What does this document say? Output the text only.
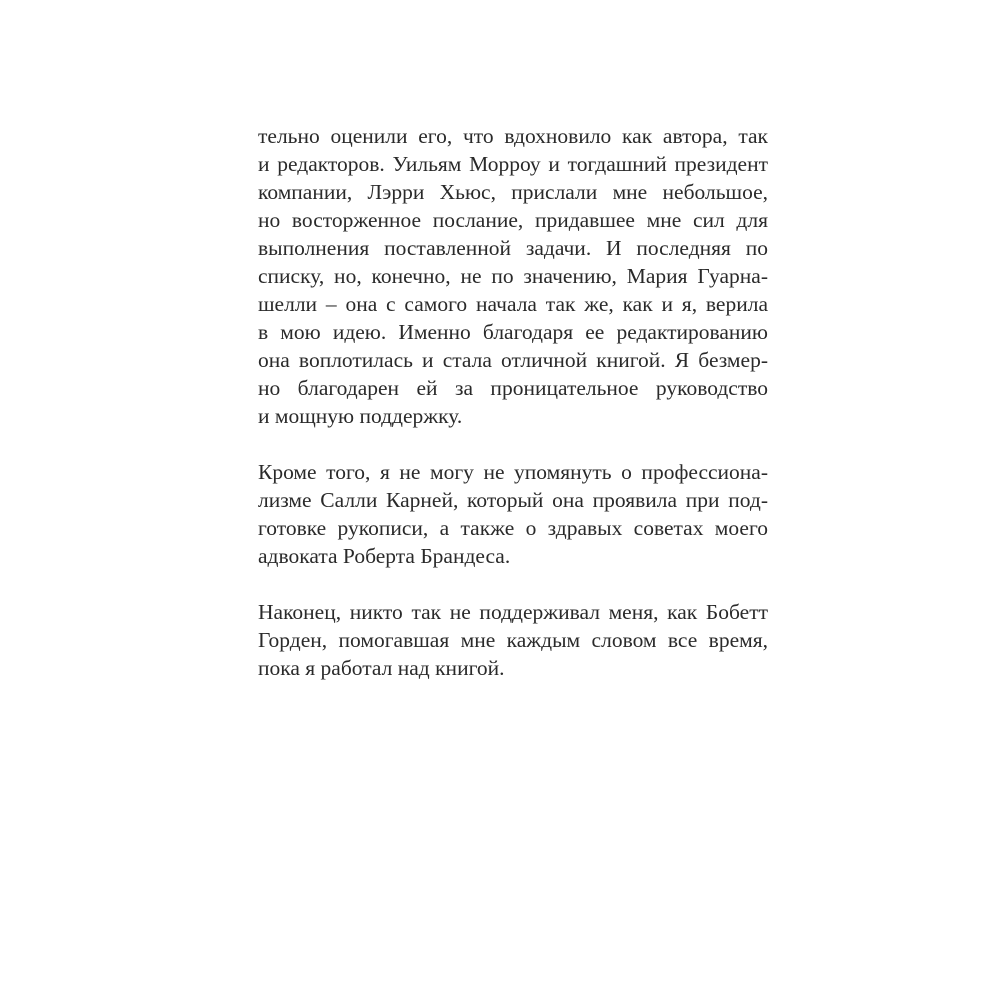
тельно оценили его, что вдохновило как автора, так
и редакторов. Уильям Морроу и тогдашний президент
компании, Лэрри Хьюс, прислали мне небольшое,
но восторженное послание, придавшее мне сил для
выполнения поставленной задачи. И последняя по
списку, но, конечно, не по значению, Мария Гуарна-
шелли – она с самого начала так же, как и я, верила
в мою идею. Именно благодаря ее редактированию
она воплотилась и стала отличной книгой. Я безмер-
но благодарен ей за проницательное руководство
и мощную поддержку.
Кроме того, я не могу не упомянуть о профессиона-
лизме Салли Карней, который она проявила при под-
готовке рукописи, а также о здравых советах моего
адвоката Роберта Брандеса.
Наконец, никто так не поддерживал меня, как Бобетт
Горден, помогавшая мне каждым словом все время,
пока я работал над книгой.
